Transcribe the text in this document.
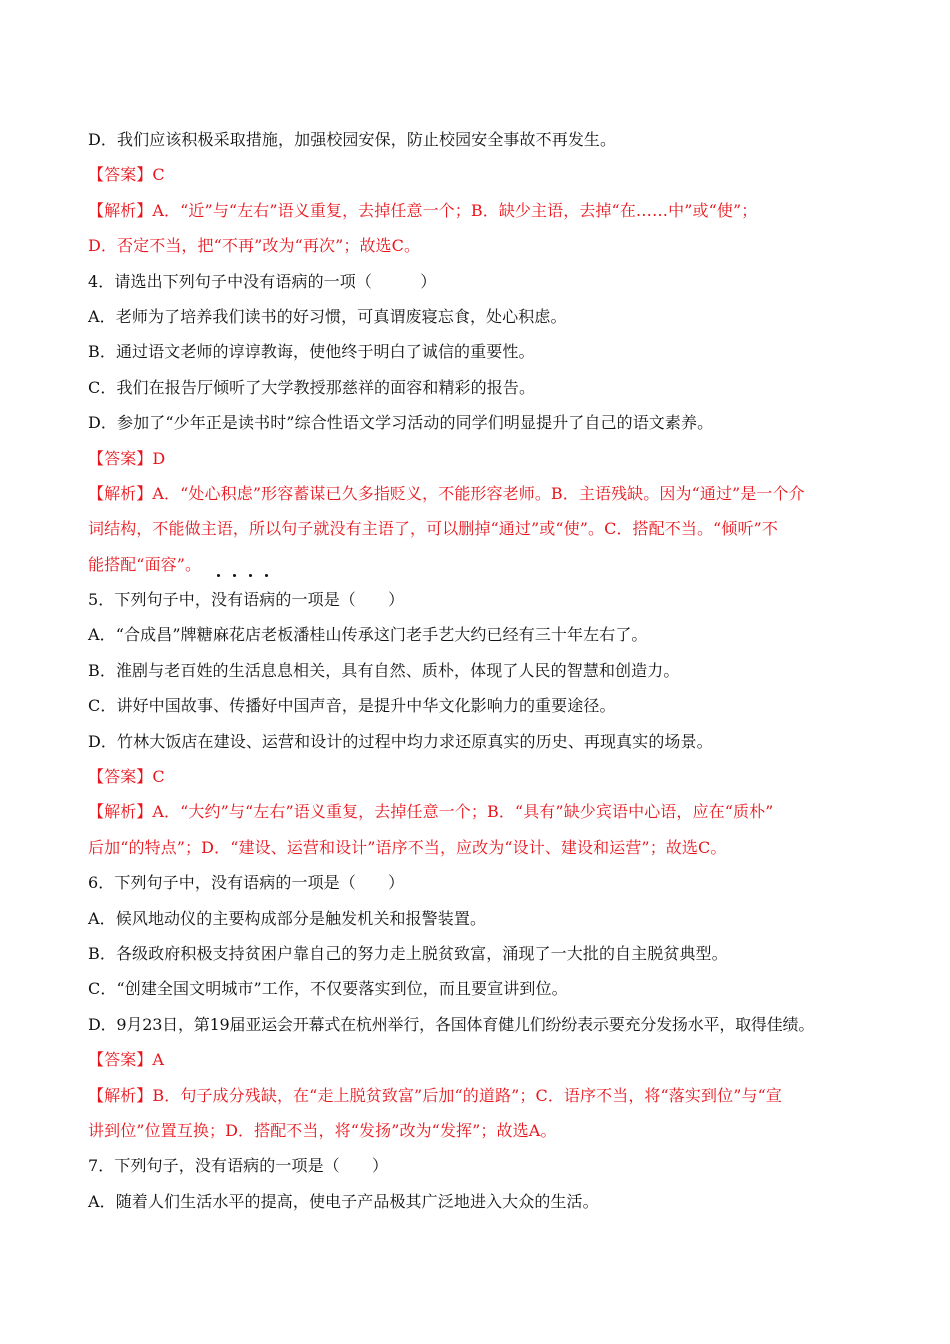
D．我们应该积极采取措施，加强校园安保，防止校园安全事故不再发生。
【答案】C
【解析】A．“近”与“左右”语义重复，去掉任意一个；B．缺少主语，去掉“在……中”或“使”；
D．否定不当，把“不再”改为“再次”；故选C。
4．请选出下列句子中没有语病的一项（　　　）
A．老师为了培养我们读书的好习惯，可真谓废寝忘食，处心积虑。
B．通过语文老师的谆谆教诲，使他终于明白了诚信的重要性。
C．我们在报告厅倾听了大学教授那慈祥的面容和精彩的报告。
D．参加了“少年正是读书时”综合性语文学习活动的同学们明显提升了自己的语文素养。
【答案】D
【解析】A．“处心积虑”形容蓄谋已久多指贬义，不能形容老师。B．主语残缺。因为“通过”是一个介
词结构，不能做主语，所以句子就没有主语了，可以删掉“通过”或“使”。C．搭配不当。“倾听”不
能搭配“面容”。
5．下列句子中，没有语病
的一项是（　　）
A．“合成昌”牌糖麻花店老板潘桂山传承这门老手艺大约已经有三十年左右了。
B．淮剧与老百姓的生活息息相关，具有自然、质朴，体现了人民的智慧和创造力。
C．讲好中国故事、传播好中国声音，是提升中华文化影响力的重要途径。
D．竹林大饭店在建设、运营和设计的过程中均力求还原真实的历史、再现真实的场景。
【答案】C
【解析】A．“大约”与“左右”语义重复，去掉任意一个；B．“具有”缺少宾语中心语，应在“质朴”
后加“的特点”；D．“建设、运营和设计”语序不当，应改为“设计、建设和运营”；故选C。
6．下列句子中，没有语病的一项是（　　）
A．候风地动仪的主要构成部分是触发机关和报警装置。
B．各级政府积极支持贫困户靠自己的努力走上脱贫致富，涌现了一大批的自主脱贫典型。
C．“创建全国文明城市”工作，不仅要落实到位，而且要宣讲到位。
D．9月23日，第19届亚运会开幕式在杭州举行，各国体育健儿们纷纷表示要充分发扬水平，取得佳绩。
【答案】A
【解析】B．句子成分残缺，在“走上脱贫致富”后加“的道路”；C．语序不当，将“落实到位”与“宣
讲到位”位置互换；D．搭配不当，将“发扬”改为“发挥”；故选A。
7．下列句子，没有语病的一项是（　　）
A．随着人们生活水平的提高，使电子产品极其广泛地进入大众的生活。
